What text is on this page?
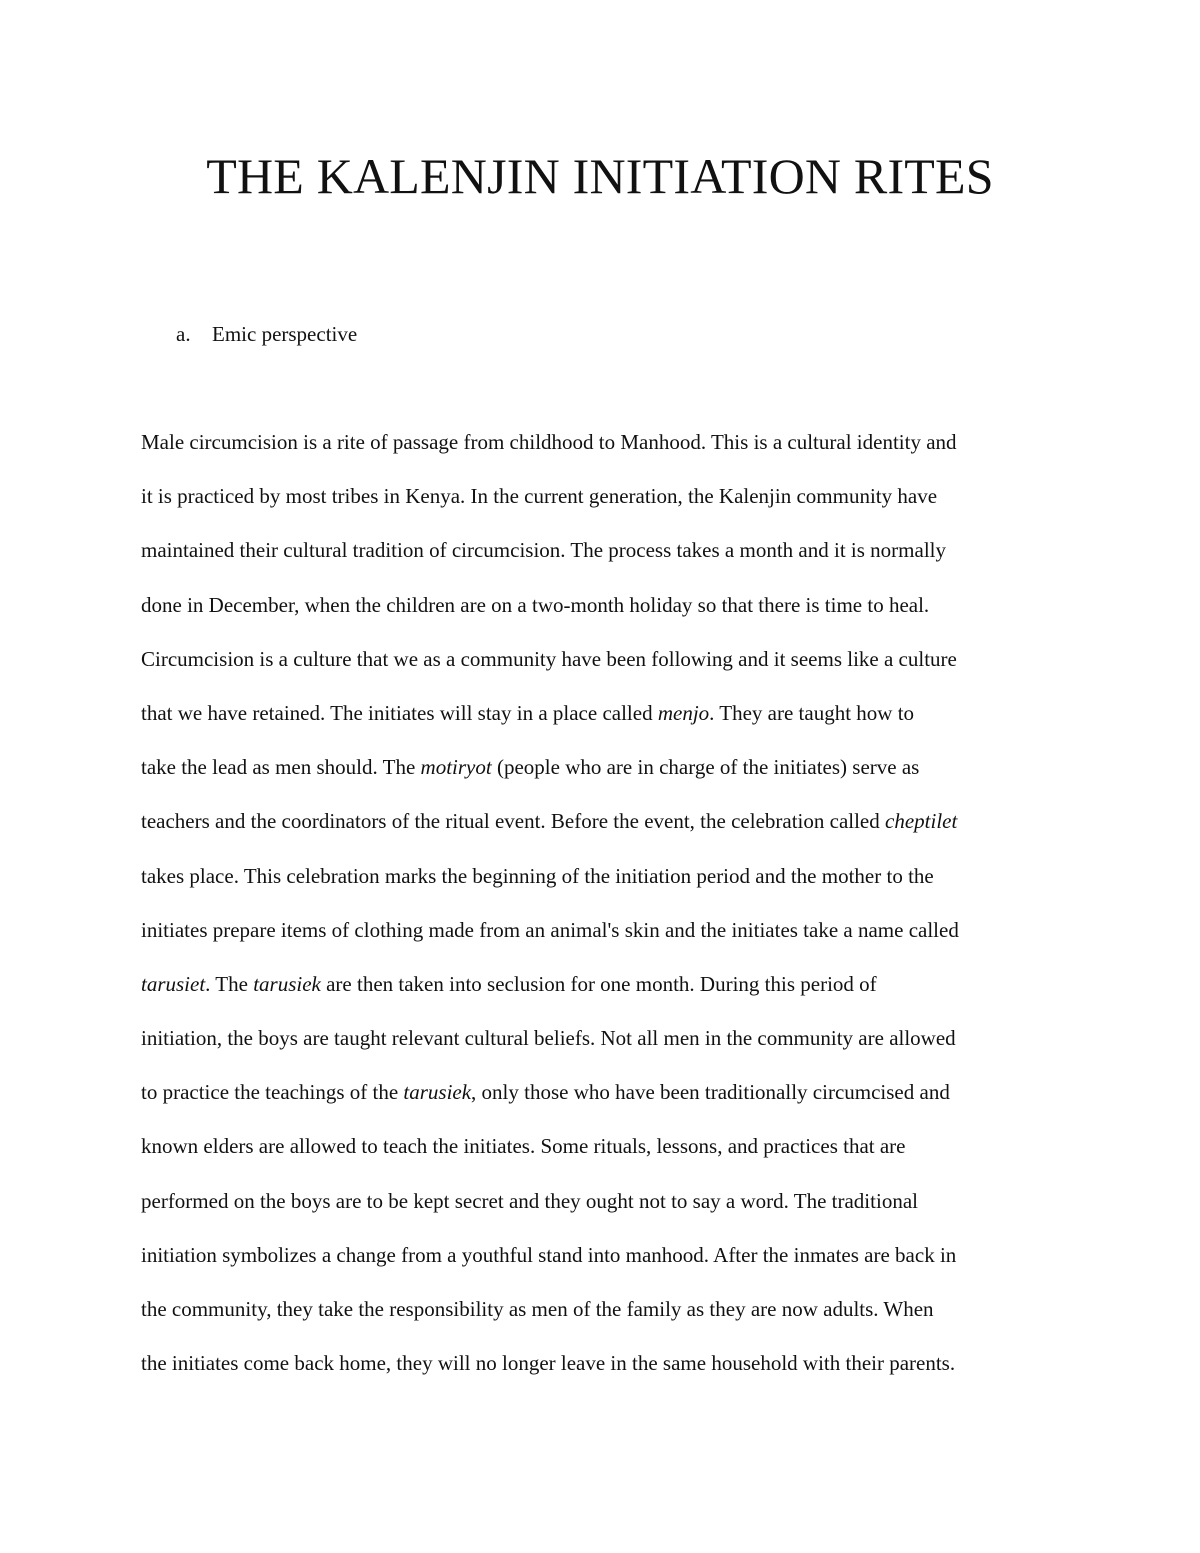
THE KALENJIN INITIATION RITES

a. Emic perspective

Male circumcision is a rite of passage from childhood to Manhood. This is a cultural identity and
it is practiced by most tribes in Kenya. In the current generation, the Kalenjin community have
maintained their cultural tradition of circumcision. The process takes a month and it is normally
done in December, when the children are on a two-month holiday so that there is time to heal.
Circumcision is a culture that we as a community have been following and it seems like a culture
that we have retained. The initiates will stay in a place called menjo. They are taught how to
take the lead as men should. The motiryot (people who are in charge of the initiates) serve as
teachers and the coordinators of the ritual event. Before the event, the celebration called cheptilet
takes place. This celebration marks the beginning of the initiation period and the mother to the
initiates prepare items of clothing made from an animal's skin and the initiates take a name called
tarusiet. The tarusiek are then taken into seclusion for one month. During this period of
initiation, the boys are taught relevant cultural beliefs. Not all men in the community are allowed
to practice the teachings of the tarusiek, only those who have been traditionally circumcised and
known elders are allowed to teach the initiates. Some rituals, lessons, and practices that are
performed on the boys are to be kept secret and they ought not to say a word. The traditional
initiation symbolizes a change from a youthful stand into manhood. After the inmates are back in
the community, they take the responsibility as men of the family as they are now adults. When
the initiates come back home, they will no longer leave in the same household with their parents.
